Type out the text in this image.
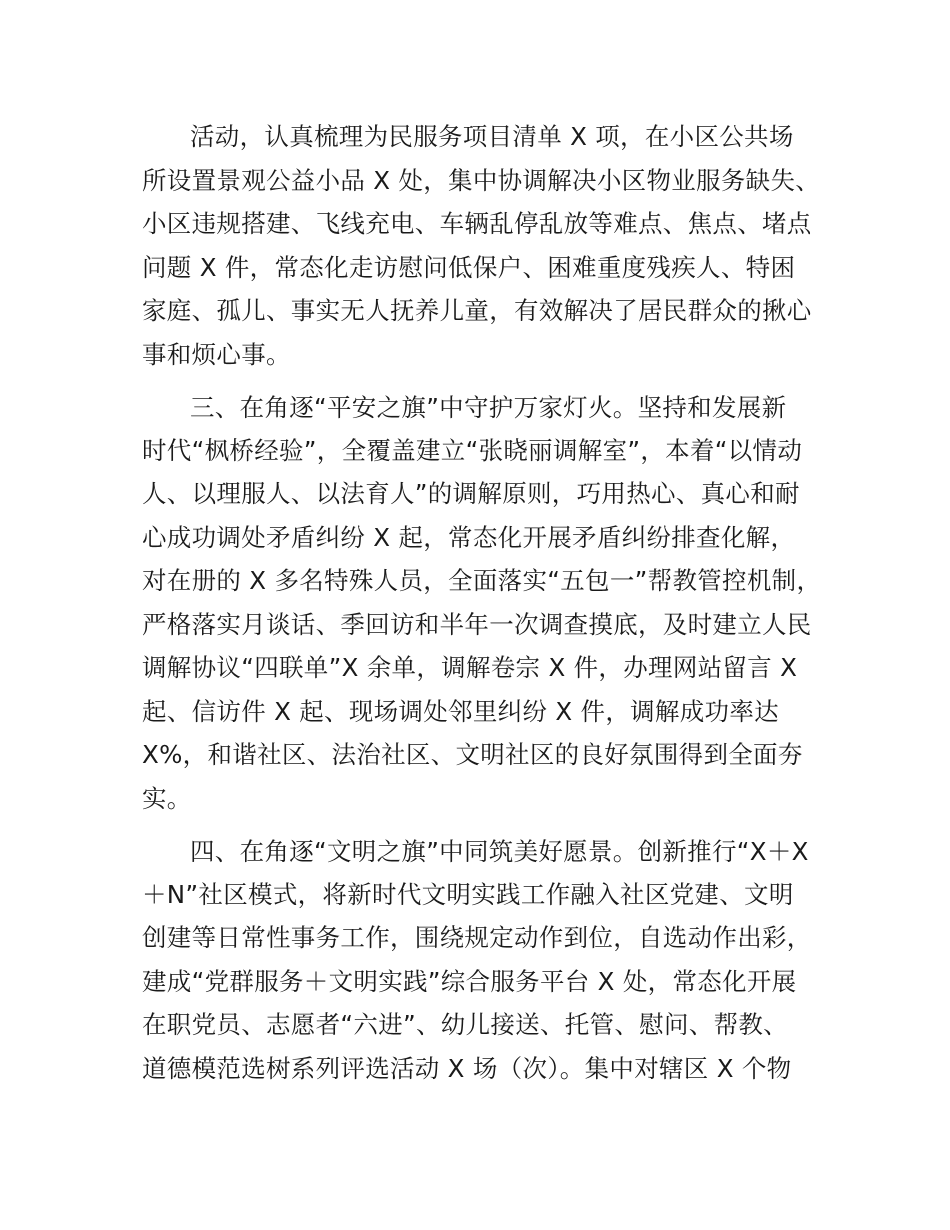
活动，认真梳理为民服务项目清单 X 项，在小区公共场
所设置景观公益小品 X 处，集中协调解决小区物业服务缺失、
小区违规搭建、飞线充电、车辆乱停乱放等难点、焦点、堵点
问题 X 件，常态化走访慰问低保户、困难重度残疾人、特困
家庭、孤儿、事实无人抚养儿童，有效解决了居民群众的揪心
事和烦心事。
三、在角逐“平安之旗”中守护万家灯火。坚持和发展新
时代“枫桥经验”，全覆盖建立“张晓丽调解室”，本着“以情动
人、以理服人、以法育人”的调解原则，巧用热心、真心和耐
心成功调处矛盾纠纷 X 起，常态化开展矛盾纠纷排查化解，
对在册的 X 多名特殊人员，全面落实“五包一”帮教管控机制，
严格落实月谈话、季回访和半年一次调查摸底，及时建立人民
调解协议“四联单”X 余单，调解卷宗 X 件，办理网站留言 X
起、信访件 X 起、现场调处邻里纠纷 X 件，调解成功率达
X%，和谐社区、法治社区、文明社区的良好氛围得到全面夯
实。
四、在角逐“文明之旗”中同筑美好愿景。创新推行“X＋X
＋N”社区模式，将新时代文明实践工作融入社区党建、文明
创建等日常性事务工作，围绕规定动作到位，自选动作出彩，
建成“党群服务＋文明实践”综合服务平台 X 处，常态化开展
在职党员、志愿者“六进”、幼儿接送、托管、慰问、帮教、
道德模范选树系列评选活动 X 场（次）。集中对辖区 X 个物
